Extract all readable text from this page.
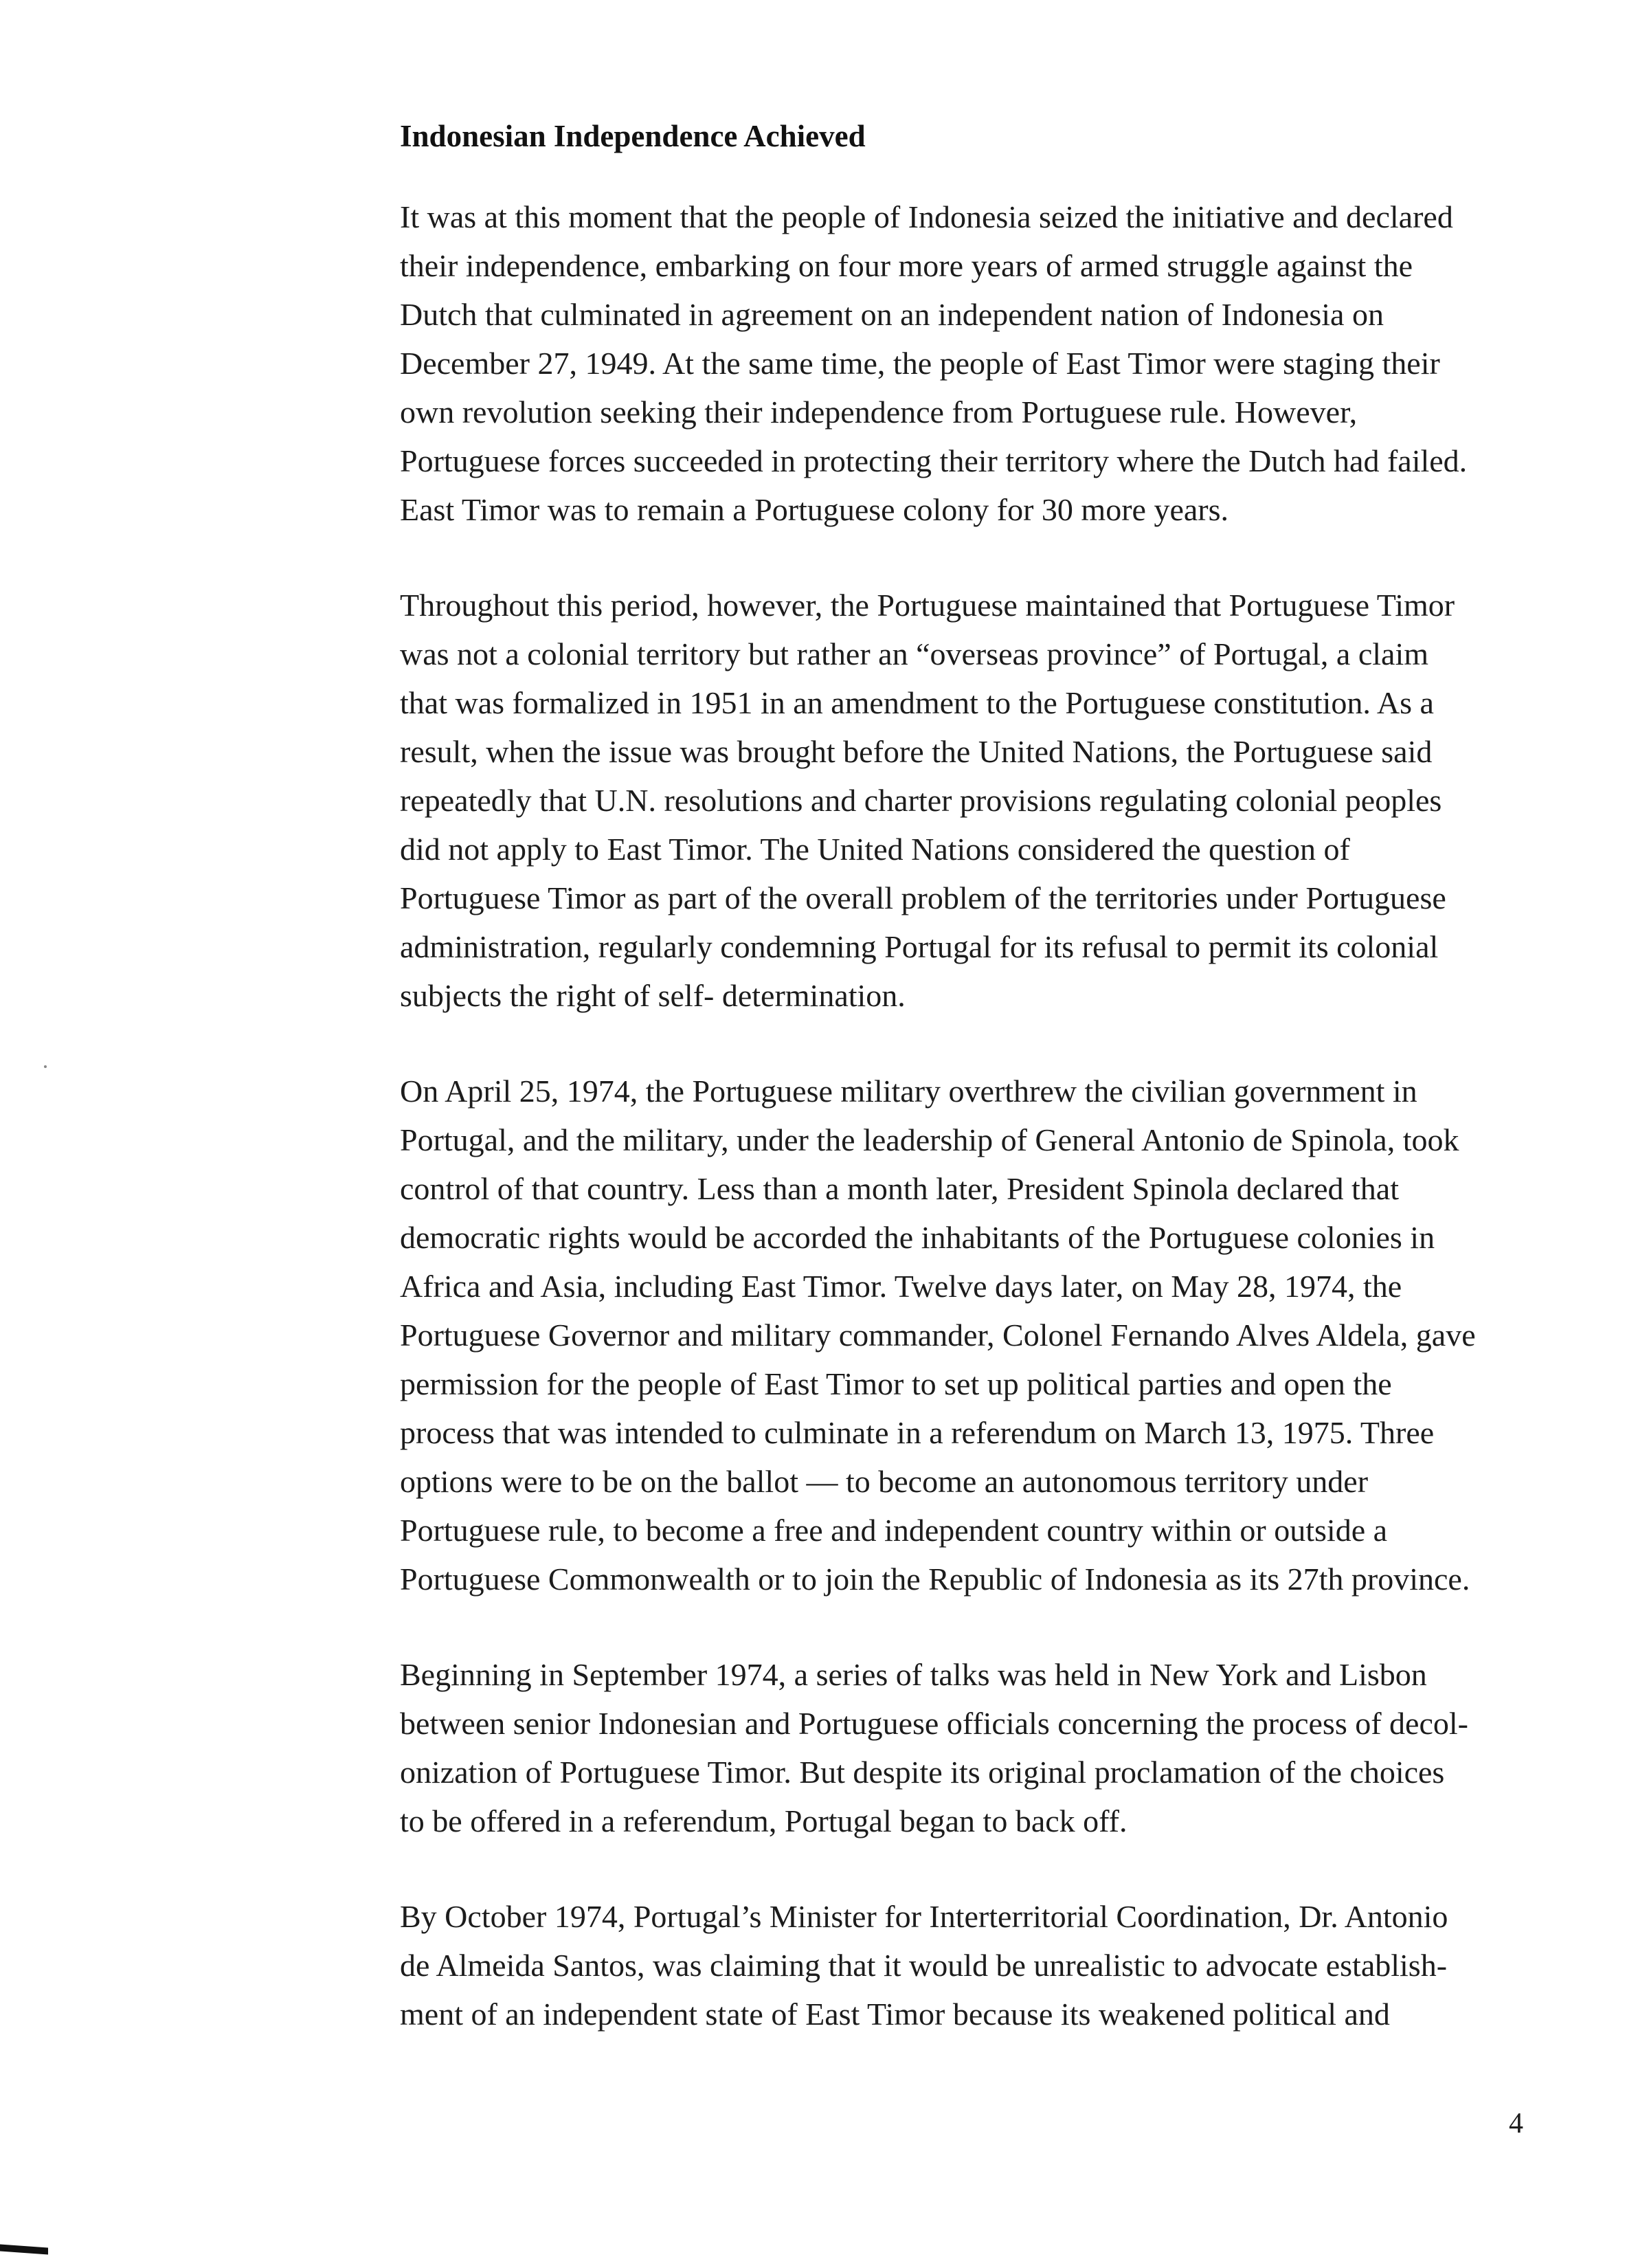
Indonesian Independence Achieved

It was at this moment that the people of Indonesia seized the initiative and declared
their independence, embarking on four more years of armed struggle against the
Dutch that culminated in agreement on an independent nation of Indonesia on
December 27, 1949. At the same time, the people of East Timor were staging their
own revolution seeking their independence from Portuguese rule. However,
Portuguese forces succeeded in protecting their territory where the Dutch had failed.
East Timor was to remain a Portuguese colony for 30 more years.

Throughout this period, however, the Portuguese maintained that Portuguese Timor
was not a colonial territory but rather an “overseas province” of Portugal, a claim
that was formalized in 1951 in an amendment to the Portuguese constitution. As a
result, when the issue was brought before the United Nations, the Portuguese said
repeatedly that U.N. resolutions and charter provisions regulating colonial peoples
did not apply to East Timor. The United Nations considered the question of
Portuguese Timor as part of the overall problem of the territories under Portuguese
administration, regularly condemning Portugal for its refusal to permit its colonial
subjects the right of self- determination.

On April 25, 1974, the Portuguese military overthrew the civilian government in
Portugal, and the military, under the leadership of General Antonio de Spinola, took
control of that country. Less than a month later, President Spinola declared that
democratic rights would be accorded the inhabitants of the Portuguese colonies in
Africa and Asia, including East Timor. Twelve days later, on May 28, 1974, the
Portuguese Governor and military commander, Colonel Fernando Alves Aldela, gave
permission for the people of East Timor to set up political parties and open the
process that was intended to culminate in a referendum on March 13, 1975. Three
options were to be on the ballot — to become an autonomous territory under
Portuguese rule, to become a free and independent country within or outside a
Portuguese Commonwealth or to join the Republic of Indonesia as its 27th province.

Beginning in September 1974, a series of talks was held in New York and Lisbon
between senior Indonesian and Portuguese officials concerning the process of decol-
onization of Portuguese Timor. But despite its original proclamation of the choices
to be offered in a referendum, Portugal began to back off.

By October 1974, Portugal’s Minister for Interterritorial Coordination, Dr. Antonio
de Almeida Santos, was claiming that it would be unrealistic to advocate establish-
ment of an independent state of East Timor because its weakened political and

4
